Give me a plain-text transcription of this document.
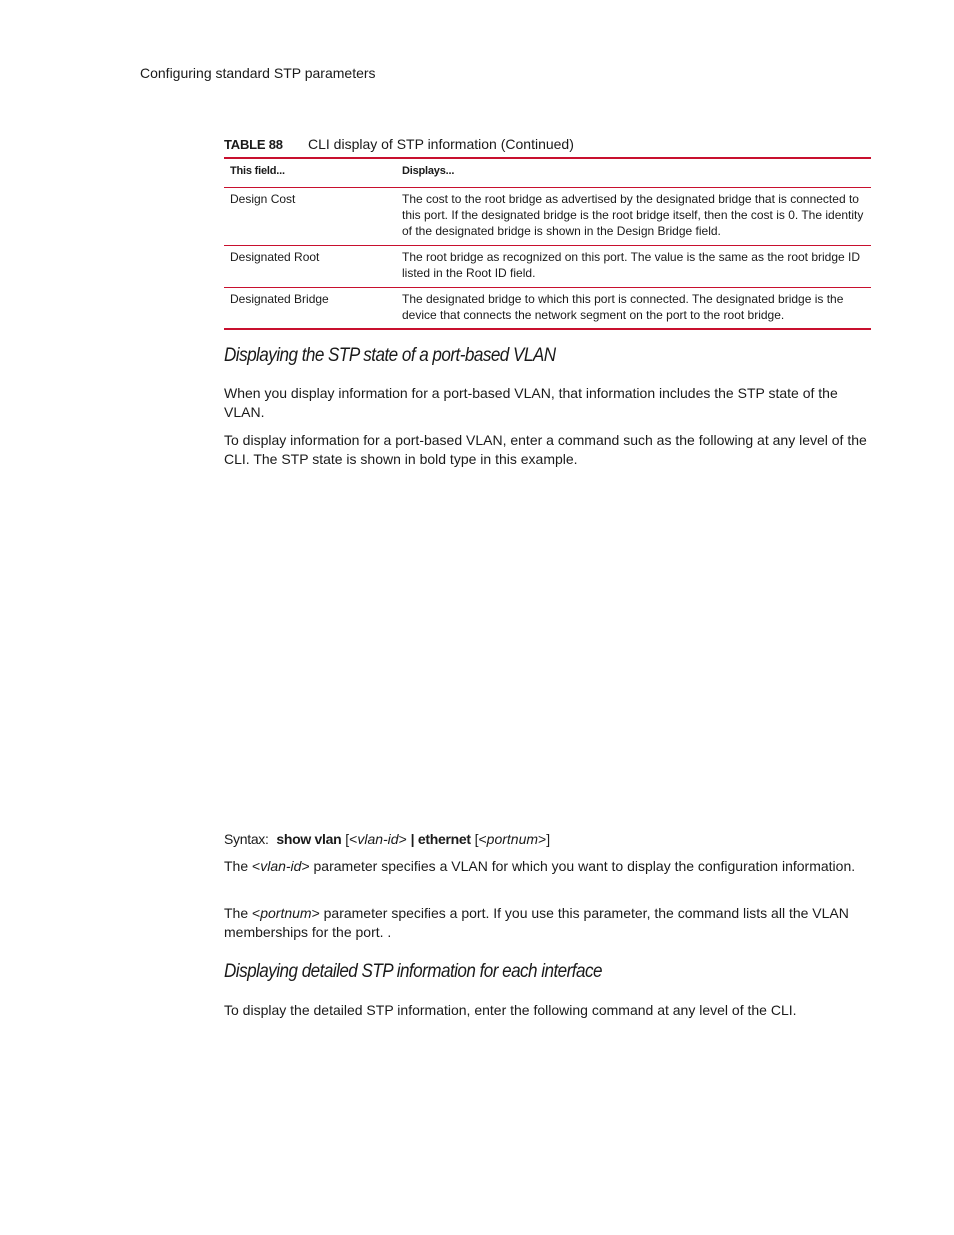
Configuring standard STP parameters
TABLE 88	CLI display of STP information (Continued)
This field...	Displays...
Design Cost	The cost to the root bridge as advertised by the designated bridge that is connected to this port. If the designated bridge is the root bridge itself, then the cost is 0. The identity of the designated bridge is shown in the Design Bridge field.
Designated Root	The root bridge as recognized on this port. The value is the same as the root bridge ID listed in the Root ID field.
Designated Bridge	The designated bridge to which this port is connected. The designated bridge is the device that connects the network segment on the port to the root bridge.
Displaying the STP state of a port-based VLAN

When you display information for a port-based VLAN, that information includes the STP state of the VLAN.

To display information for a port-based VLAN, enter a command such as the following at any level of the CLI. The STP state is shown in bold type in this example.

Syntax: show vlan [<vlan-id> | ethernet [<portnum>]

The <vlan-id> parameter specifies a VLAN for which you want to display the configuration information.

The <portnum> parameter specifies a port. If you use this parameter, the command lists all the VLAN memberships for the port. .

Displaying detailed STP information for each interface

To display the detailed STP information, enter the following command at any level of the CLI.
